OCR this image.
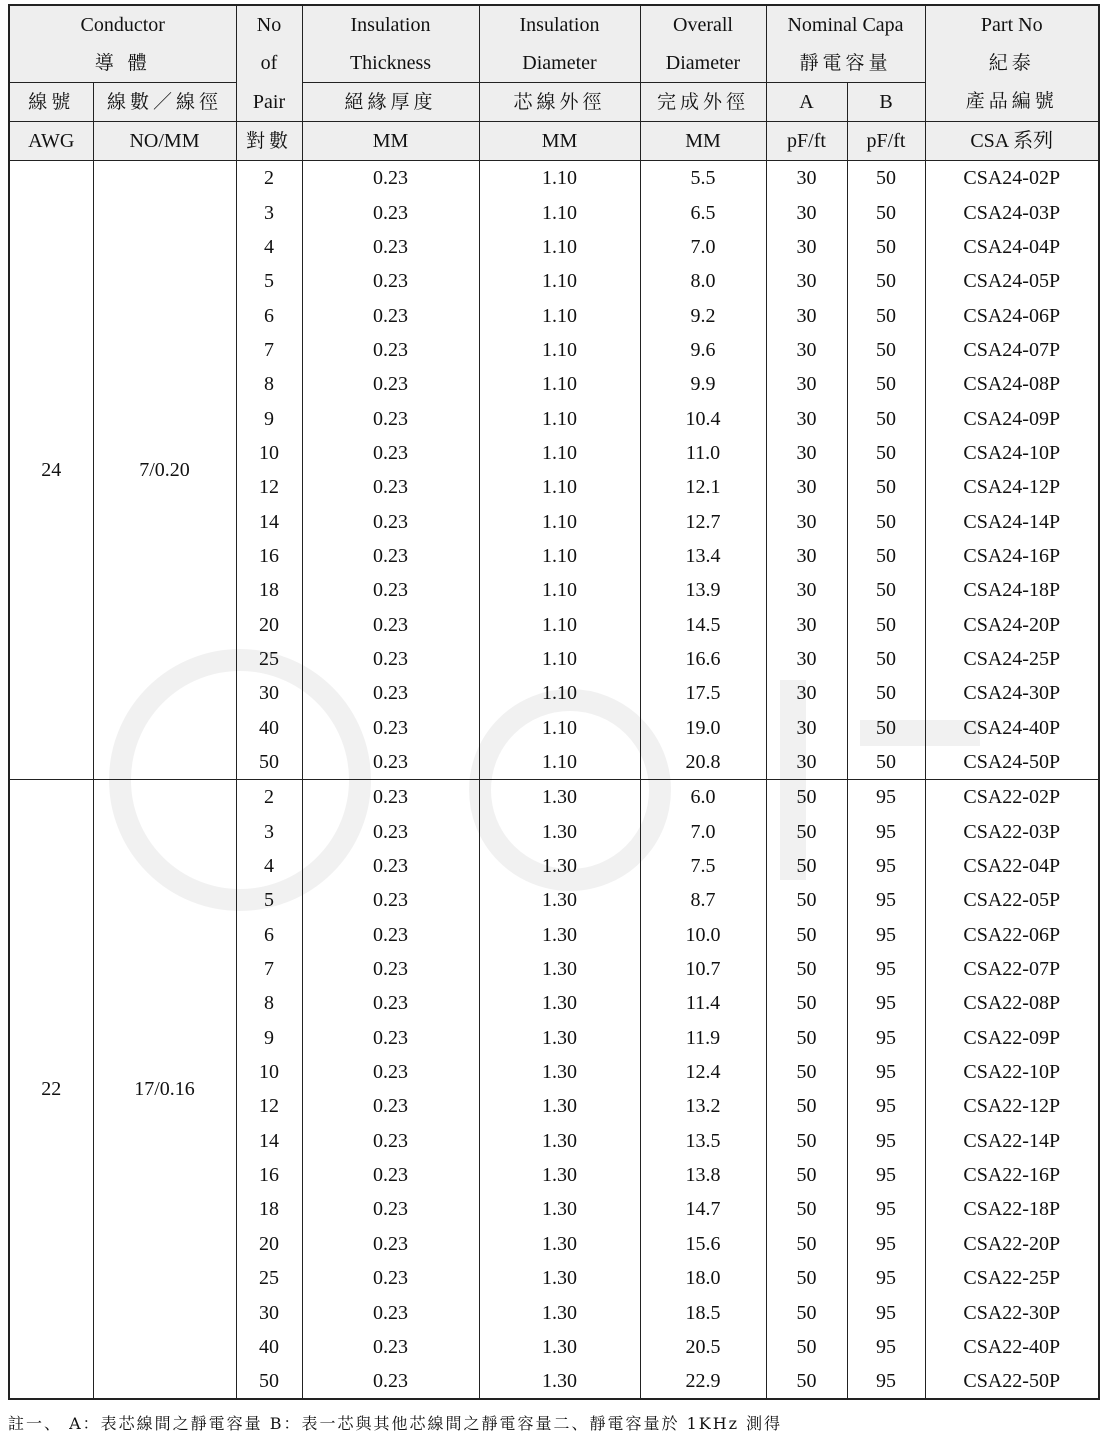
Conductor		No	Insulation	Insulation	Overall	Nominal Capa		Part No
導 體		of	Thickness	Diameter	Diameter	靜電容量		紀泰
線號	線數／線徑	Pair	絕緣厚度	芯線外徑	完成外徑	A	B	產品編號
AWG	NO/MM	對數	MM	MM	MM	pF/ft	pF/ft	CSA 系列
24	7/0.20	2	0.23	1.10	5.5	30	50	CSA24-02P
		3	0.23	1.10	6.5	30	50	CSA24-03P
		4	0.23	1.10	7.0	30	50	CSA24-04P
		5	0.23	1.10	8.0	30	50	CSA24-05P
		6	0.23	1.10	9.2	30	50	CSA24-06P
		7	0.23	1.10	9.6	30	50	CSA24-07P
		8	0.23	1.10	9.9	30	50	CSA24-08P
		9	0.23	1.10	10.4	30	50	CSA24-09P
		10	0.23	1.10	11.0	30	50	CSA24-10P
		12	0.23	1.10	12.1	30	50	CSA24-12P
		14	0.23	1.10	12.7	30	50	CSA24-14P
		16	0.23	1.10	13.4	30	50	CSA24-16P
		18	0.23	1.10	13.9	30	50	CSA24-18P
		20	0.23	1.10	14.5	30	50	CSA24-20P
		25	0.23	1.10	16.6	30	50	CSA24-25P
		30	0.23	1.10	17.5	30	50	CSA24-30P
		40	0.23	1.10	19.0	30	50	CSA24-40P
		50	0.23	1.10	20.8	30	50	CSA24-50P
22	17/0.16	2	0.23	1.30	6.0	50	95	CSA22-02P
		3	0.23	1.30	7.0	50	95	CSA22-03P
		4	0.23	1.30	7.5	50	95	CSA22-04P
		5	0.23	1.30	8.7	50	95	CSA22-05P
		6	0.23	1.30	10.0	50	95	CSA22-06P
		7	0.23	1.30	10.7	50	95	CSA22-07P
		8	0.23	1.30	11.4	50	95	CSA22-08P
		9	0.23	1.30	11.9	50	95	CSA22-09P
		10	0.23	1.30	12.4	50	95	CSA22-10P
		12	0.23	1.30	13.2	50	95	CSA22-12P
		14	0.23	1.30	13.5	50	95	CSA22-14P
		16	0.23	1.30	13.8	50	95	CSA22-16P
		18	0.23	1.30	14.7	50	95	CSA22-18P
		20	0.23	1.30	15.6	50	95	CSA22-20P
		25	0.23	1.30	18.0	50	95	CSA22-25P
		30	0.23	1.30	18.5	50	95	CSA22-30P
		40	0.23	1.30	20.5	50	95	CSA22-40P
		50	0.23	1.30	22.9	50	95	CSA22-50P
註一、 A：表芯線間之靜電容量 B：表一芯與其他芯線間之靜電容量二、靜電容量於 1KHz 測得
